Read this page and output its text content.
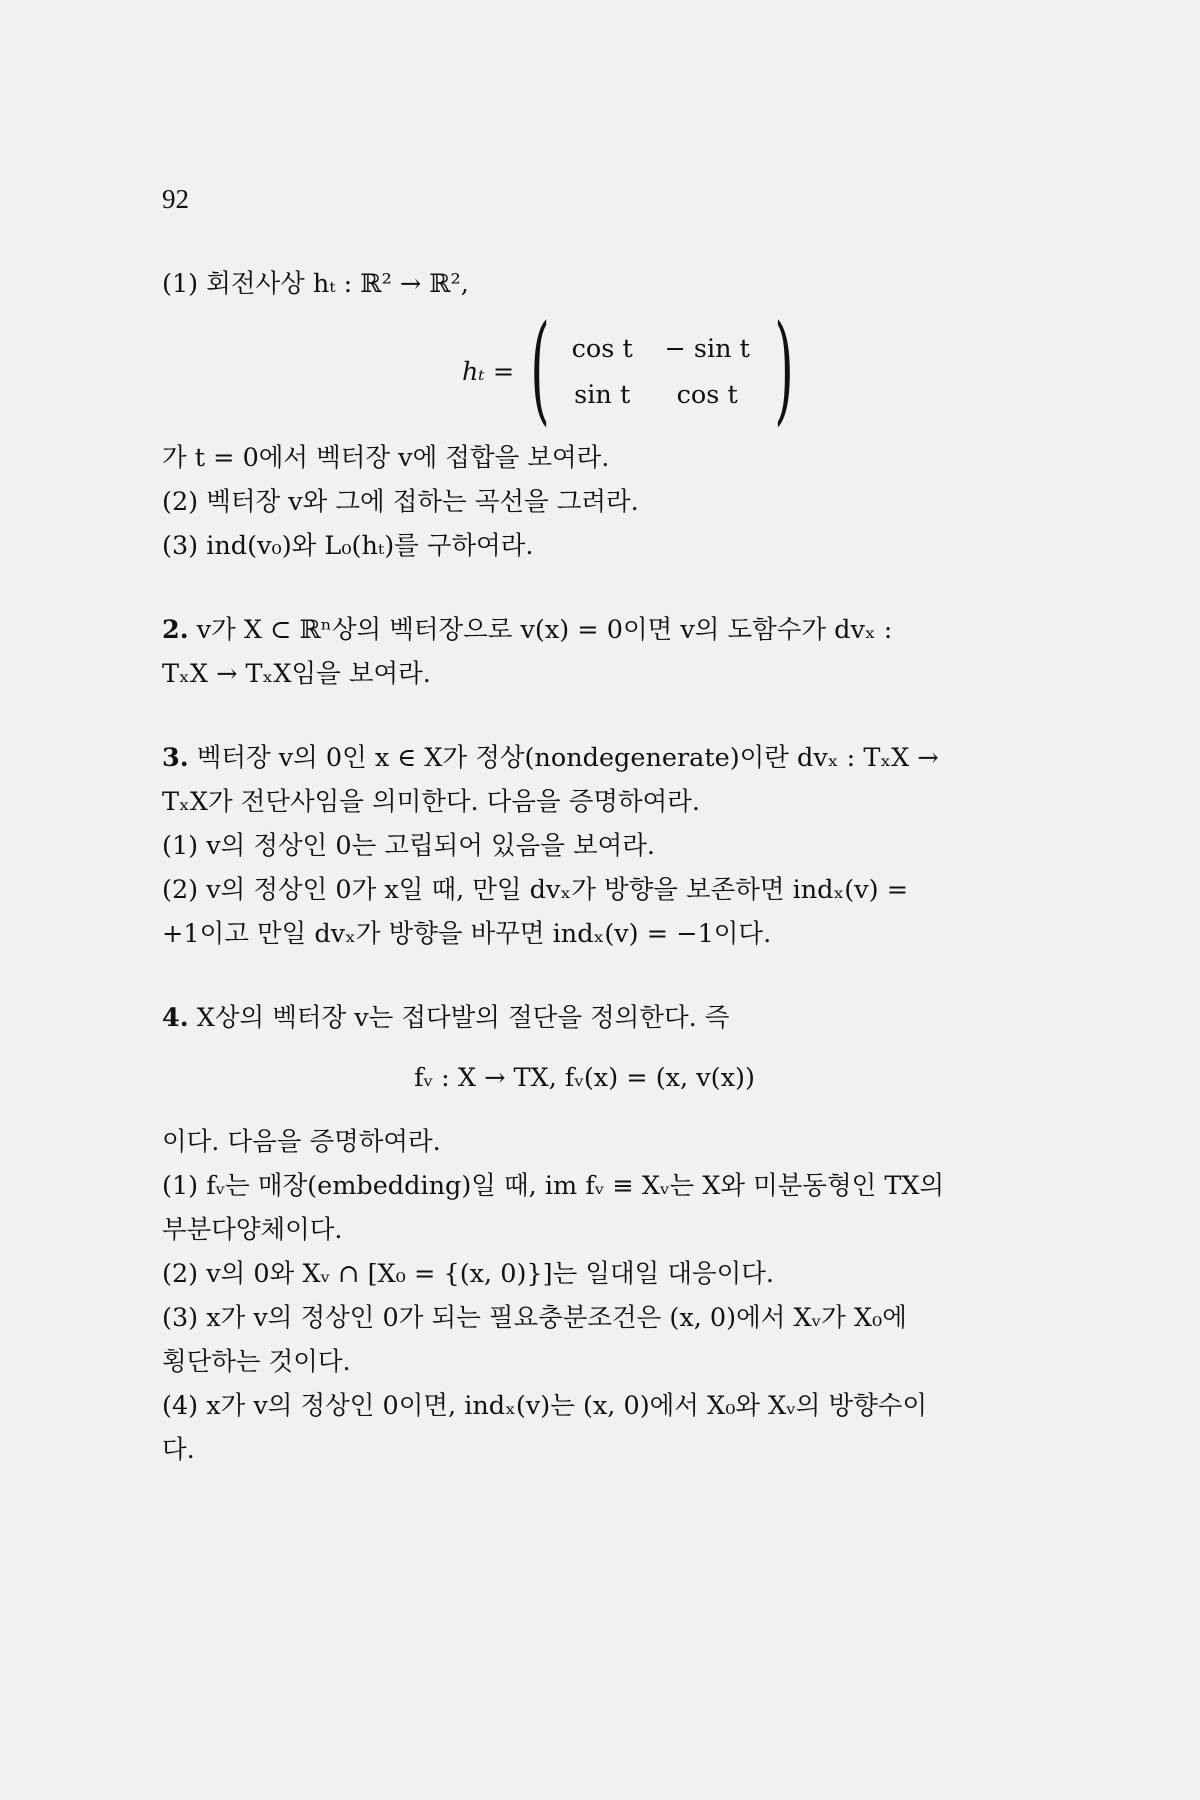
92
(1) 회전사상 hₜ : ℝ² → ℝ²,
hₜ = ( cos t	− sin t
sin t	cos t )
가 t = 0에서 벡터장 v에 접합을 보여라.
(2) 벡터장 v와 그에 접하는 곡선을 그려라.
(3) ind(v₀)와 L₀(hₜ)를 구하여라.
2. v가 X ⊂ ℝⁿ상의 벡터장으로 v(x) = 0이면 v의 도함수가 dvₓ :
TₓX → TₓX임을 보여라.
3. 벡터장 v의 0인 x ∈ X가 정상(nondegenerate)이란 dvₓ : TₓX →
TₓX가 전단사임을 의미한다. 다음을 증명하여라.
(1) v의 정상인 0는 고립되어 있음을 보여라.
(2) v의 정상인 0가 x일 때, 만일 dvₓ가 방향을 보존하면 indₓ(v) =
+1이고 만일 dvₓ가 방향을 바꾸면 indₓ(v) = −1이다.
4. X상의 벡터장 v는 접다발의 절단을 정의한다. 즉
fᵥ : X → TX, fᵥ(x) = (x, v(x))
이다. 다음을 증명하여라.
(1) fᵥ는 매장(embedding)일 때, im fᵥ ≡ Xᵥ는 X와 미분동형인 TX의
부분다양체이다.
(2) v의 0와 Xᵥ ∩ [X₀ = {(x, 0)}]는 일대일 대응이다.
(3) x가 v의 정상인 0가 되는 필요충분조건은 (x, 0)에서 Xᵥ가 X₀에
횡단하는 것이다.
(4) x가 v의 정상인 0이면, indₓ(v)는 (x, 0)에서 X₀와 Xᵥ의 방향수이
다.
